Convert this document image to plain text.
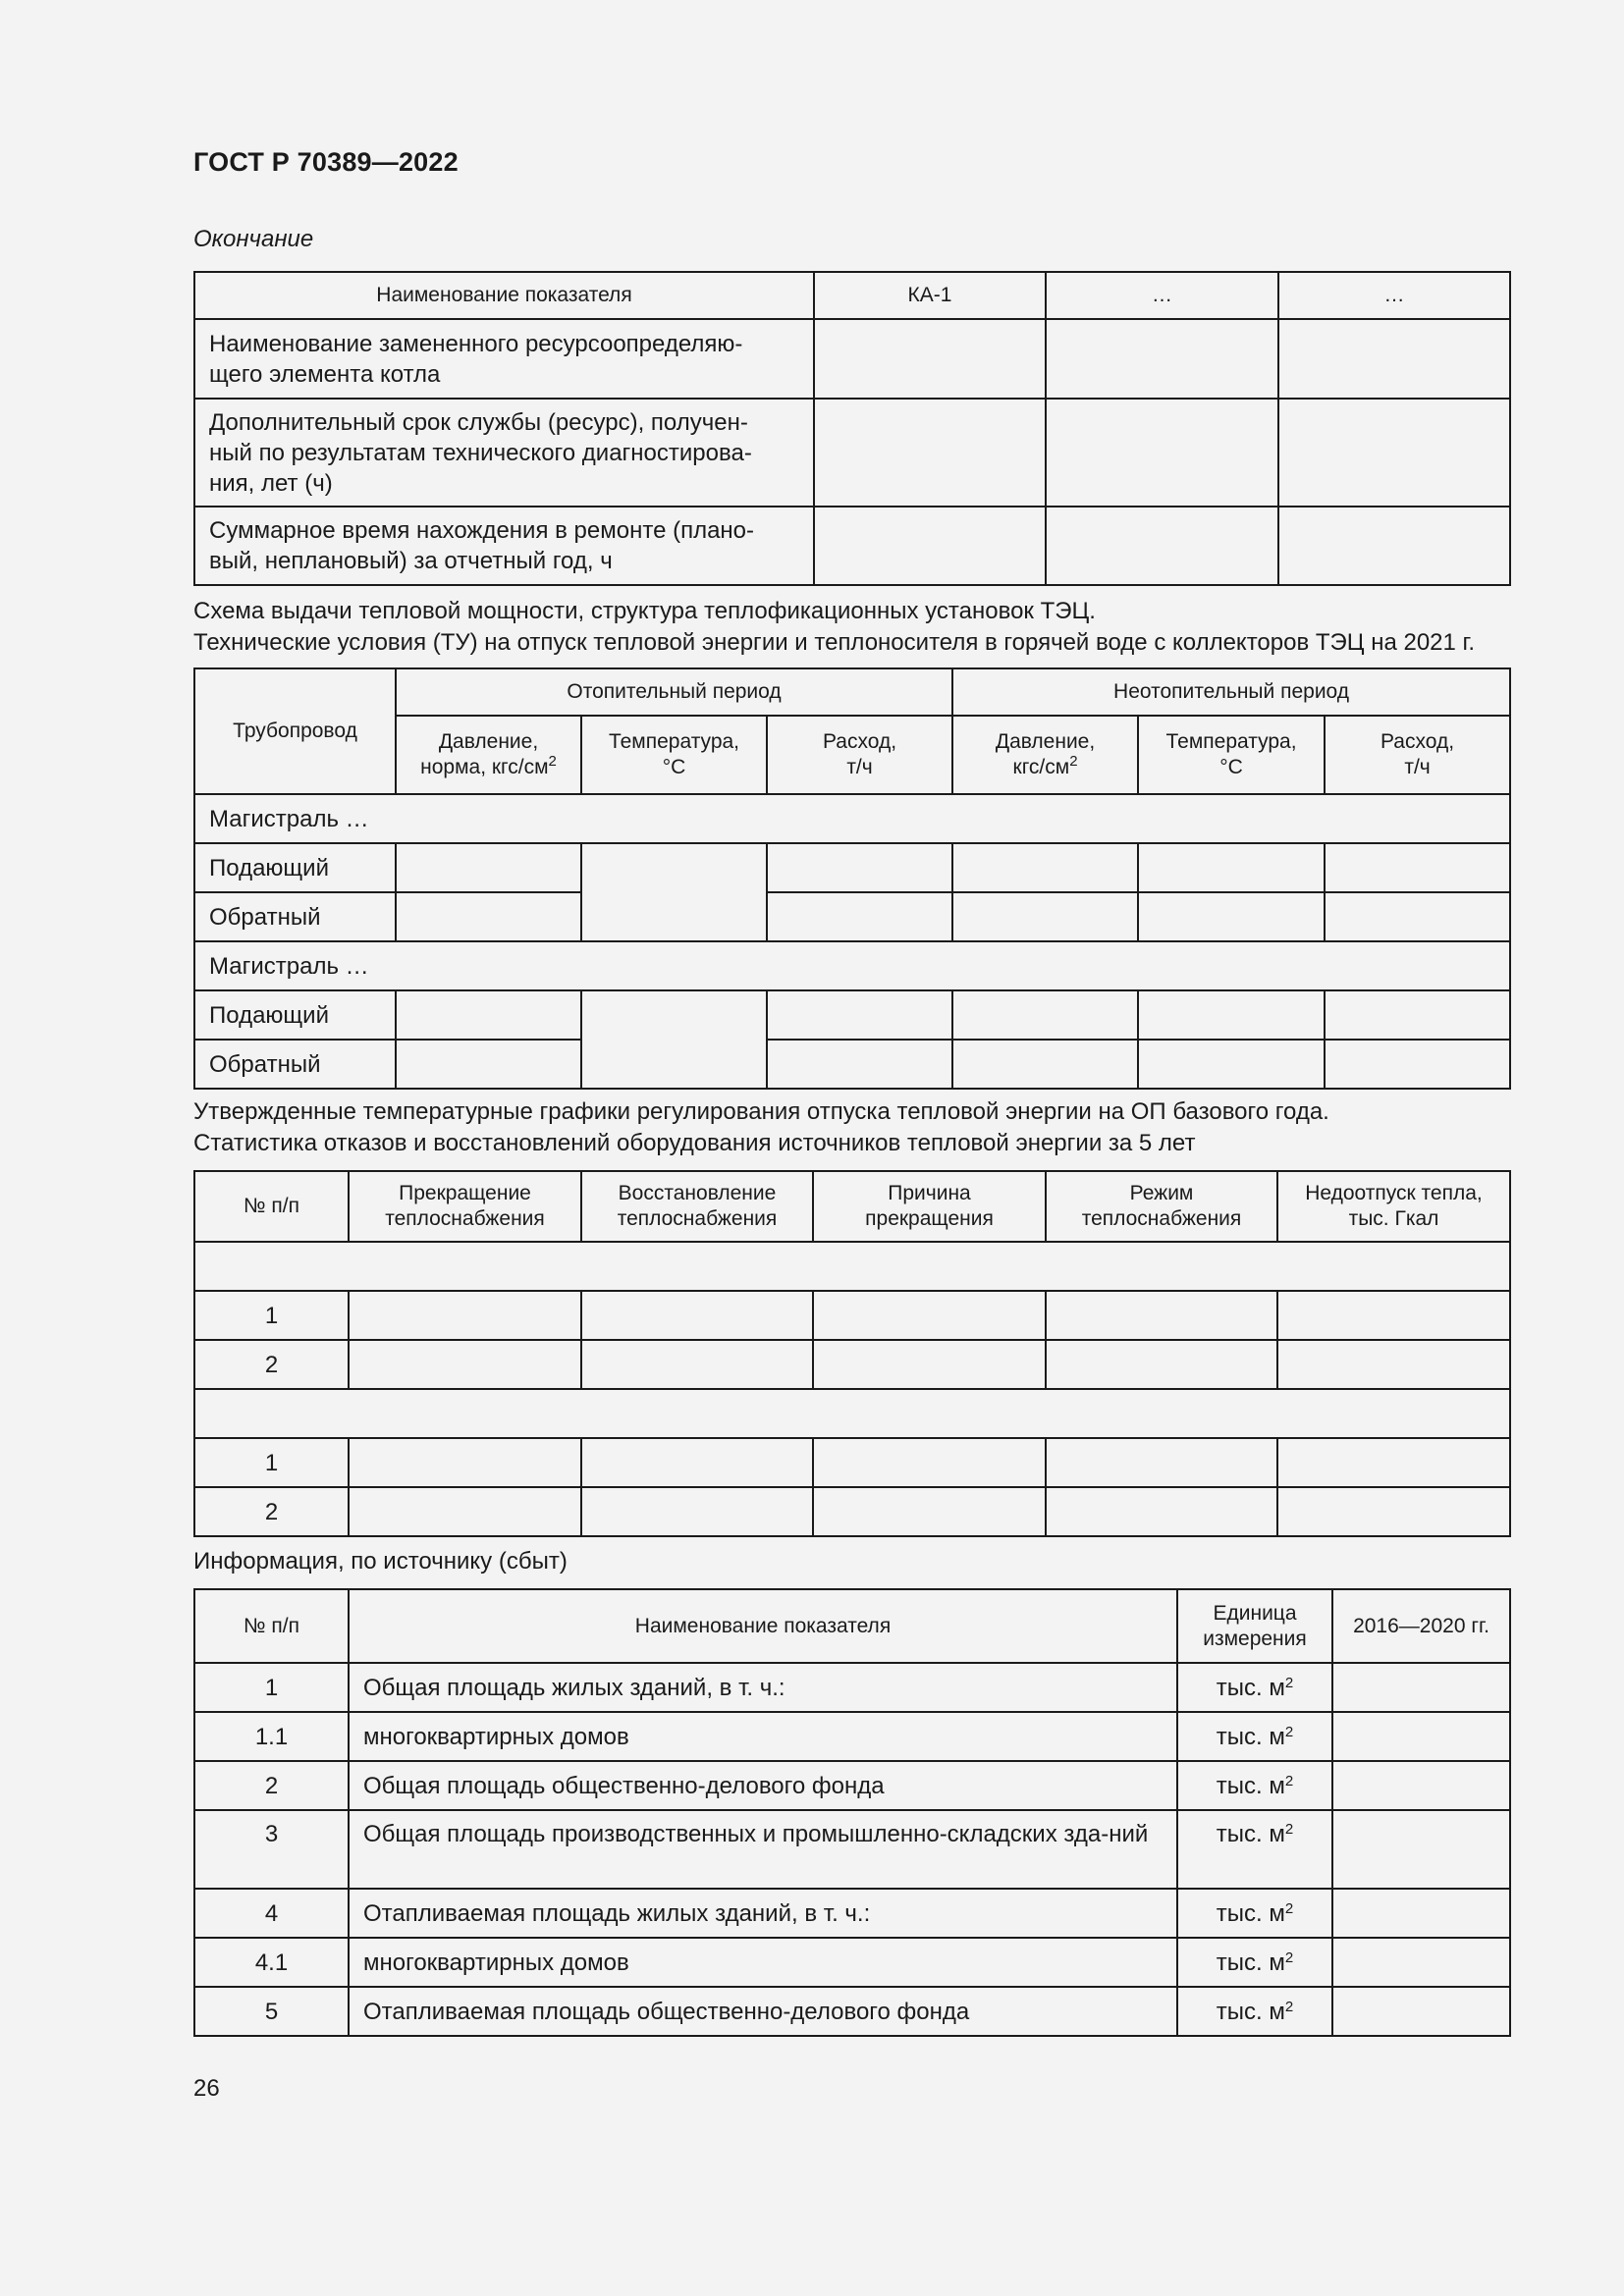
ГОСТ Р 70389—2022
Окончание
Наименование показателя	КА-1	…	…

Наименование замененного ресурсоопределяю-щего элемента котла			

Дополнительный срок службы (ресурс), получен-ный по результатам технического диагностирова-ния, лет (ч)			

Суммарное время нахождения в ремонте (плано-вый, неплановый) за отчетный год, ч			

Схема выдачи тепловой мощности, структура теплофикационных установок ТЭЦ.
Технические условия (ТУ) на отпуск тепловой энергии и теплоносителя в горячей воде с коллекторов ТЭЦ на 2021 г.
Трубопровод	Отопительный период			Неотопительный период		

	Давление, норма, кгс/$см^2$	Температура, °С	Расход, т/ч	Давление, кгс/$см^2$	Температура, °С	Расход, т/ч

Магистраль …						
Подающий						
Обратный						
Магистраль …						
Подающий						
Обратный						
Утвержденные температурные графики регулирования отпуска тепловой энергии на ОП базового года.
Статистика отказов и восстановлений оборудования источников тепловой энергии за 5 лет
№ п/п	Прекращение теплоснабжения	Восстановление теплоснабжения	Причина прекращения	Режим теплоснабжения	Недоотпуск тепла, тыс. Гкал

1					
2					

1					
2					
Информация, по источнику (сбыт)
№ п/п	Наименование показателя	Единица измерения	2016—2020 гг.
1	Общая площадь жилых зданий, в т. ч.:	тыс. $м^2$	
1.1	многоквартирных домов	тыс. $м^2$	
2	Общая площадь общественно-делового фонда	тыс. $м^2$	
3	Общая площадь производственных и промышленно-складских зда-ний	тыс. $м^2$	
4	Отапливаемая площадь жилых зданий, в т. ч.:	тыс. $м^2$	
4.1	многоквартирных домов	тыс. $м^2$	
5	Отапливаемая площадь общественно-делового фонда	тыс. $м^2$	
26
